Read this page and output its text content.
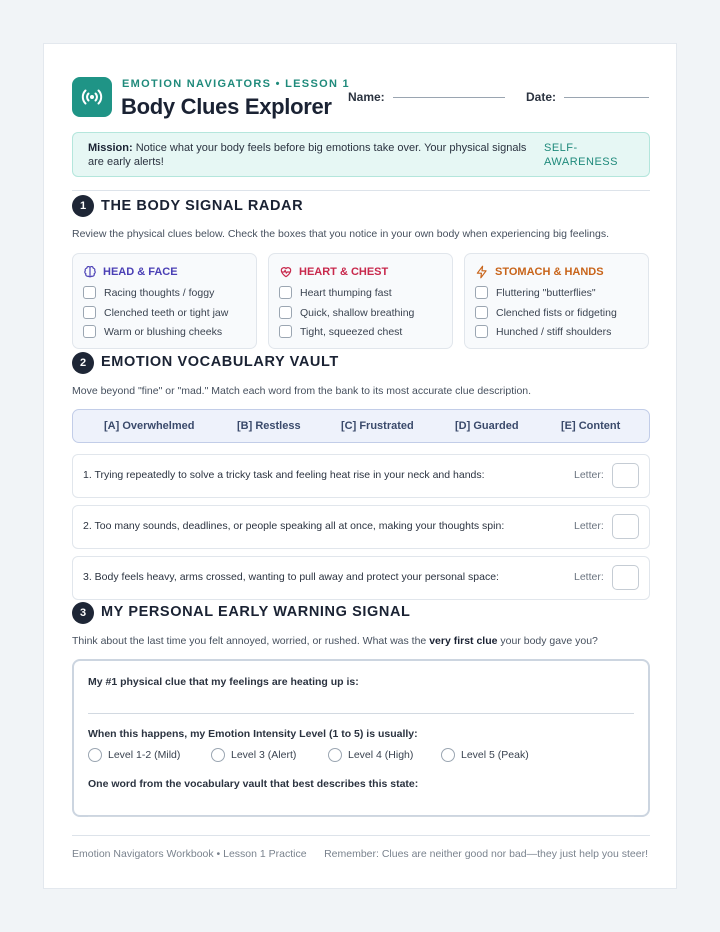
EMOTION NAVIGATORS • LESSON 1
Body Clues Explorer Name:	Date:
Mission: Notice what your body feels before big emotions take over. Your physical signals are early alerts!
SELF-AWARENESS
1	THE BODY SIGNAL RADAR
Review the physical clues below. Check the boxes that you notice in your own body when experiencing big feelings.
HEAD & FACE
Racing thoughts / foggy
Clenched teeth or tight jaw
Warm or blushing cheeks
HEART & CHEST
Heart thumping fast
Quick, shallow breathing
Tight, squeezed chest
STOMACH & HANDS
Fluttering "butterflies"
Clenched fists or fidgeting
Hunched / stiff shoulders
2	EMOTION VOCABULARY VAULT
Move beyond "fine" or "mad." Match each word from the bank to its most accurate clue description.
[A] Overwhelmed	[B] Restless	[C] Frustrated	[D] Guarded	[E] Content
1. Trying repeatedly to solve a tricky task and feeling heat rise in your neck and hands:	Letter:
2. Too many sounds, deadlines, or people speaking all at once, making your thoughts spin:	Letter:
3. Body feels heavy, arms crossed, wanting to pull away and protect your personal space:	Letter:
3	MY PERSONAL EARLY WARNING SIGNAL
Think about the last time you felt annoyed, worried, or rushed. What was the very first clue your body gave you?
My #1 physical clue that my feelings are heating up is:
When this happens, my Emotion Intensity Level (1 to 5) is usually:
Level 1-2 (Mild)	Level 3 (Alert)	Level 4 (High)	Level 5 (Peak)
One word from the vocabulary vault that best describes this state:
Emotion Navigators Workbook • Lesson 1 Practice Remember: Clues are neither good nor bad—they just help you steer!
